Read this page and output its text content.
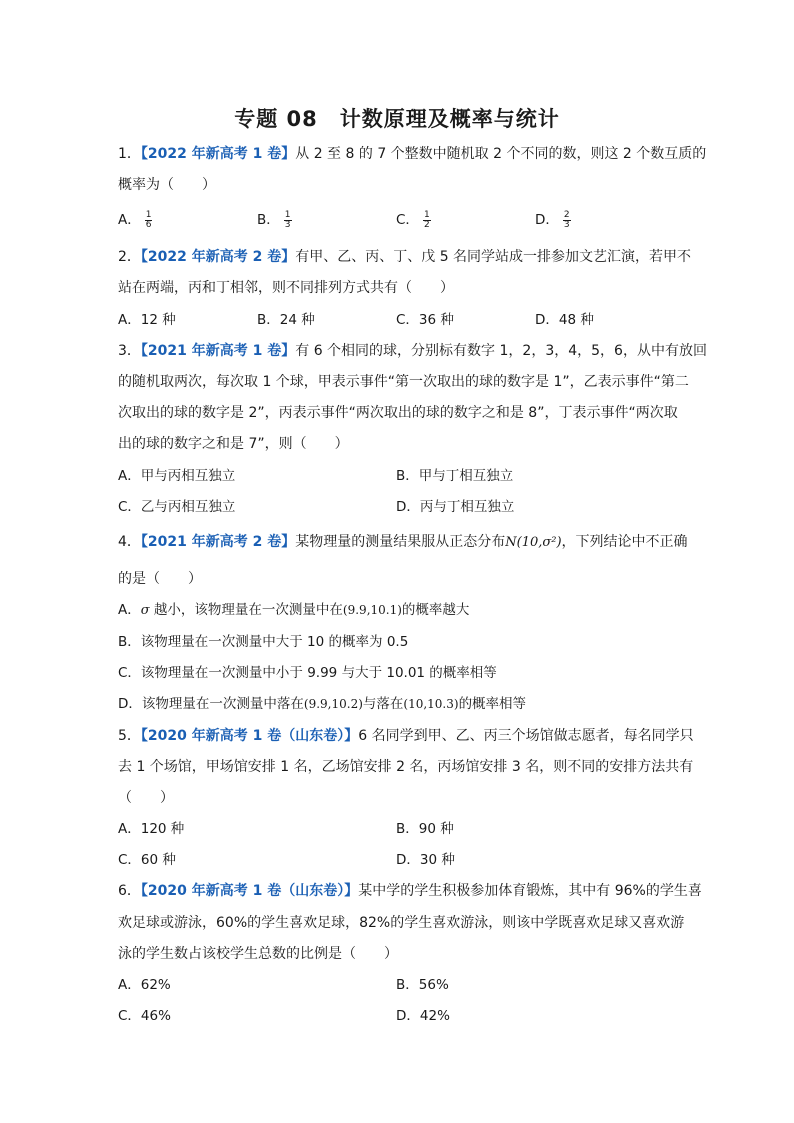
专题 08　计数原理及概率与统计
1．【2022 年新高考 1 卷】从 2 至 8 的 7 个整数中随机取 2 个不同的数，则这 2 个数互质的
概率为（　　）
A． $\frac{1}{6}$	B． $\frac{1}{3}$	C． $\frac{1}{2}$	D． $\frac{2}{3}$
2．【2022 年新高考 2 卷】有甲、乙、丙、丁、戊 5 名同学站成一排参加文艺汇演，若甲不
站在两端，丙和丁相邻，则不同排列方式共有（　　）
A．12 种	B．24 种	C．36 种	D．48 种
3．【2021 年新高考 1 卷】有 6 个相同的球，分别标有数字 1，2，3，4，5，6，从中有放回
的随机取两次，每次取 1 个球，甲表示事件“第一次取出的球的数字是 1”，乙表示事件“第二
次取出的球的数字是 2”，丙表示事件“两次取出的球的数字之和是 8”，丁表示事件“两次取
出的球的数字之和是 7”，则（　　）
A．甲与丙相互独立	B．甲与丁相互独立
C．乙与丙相互独立	D．丙与丁相互独立
4．【2021 年新高考 2 卷】某物理量的测量结果服从正态分布N(10,σ²)，下列结论中不正确
的是（　　）
A．σ 越小，该物理量在一次测量中在(9.9,10.1)的概率越大
B．该物理量在一次测量中大于 10 的概率为 0.5
C．该物理量在一次测量中小于 9.99 与大于 10.01 的概率相等
D．该物理量在一次测量中落在(9.9,10.2)与落在(10,10.3)的概率相等
5．【2020 年新高考 1 卷（山东卷）】6 名同学到甲、乙、丙三个场馆做志愿者，每名同学只
去 1 个场馆，甲场馆安排 1 名，乙场馆安排 2 名，丙场馆安排 3 名，则不同的安排方法共有
（　　）
A．120 种	B．90 种
C．60 种	D．30 种
6．【2020 年新高考 1 卷（山东卷）】某中学的学生积极参加体育锻炼，其中有 96%的学生喜
欢足球或游泳，60%的学生喜欢足球，82%的学生喜欢游泳，则该中学既喜欢足球又喜欢游
泳的学生数占该校学生总数的比例是（　　）
A．62%	B．56%
C．46%	D．42%
